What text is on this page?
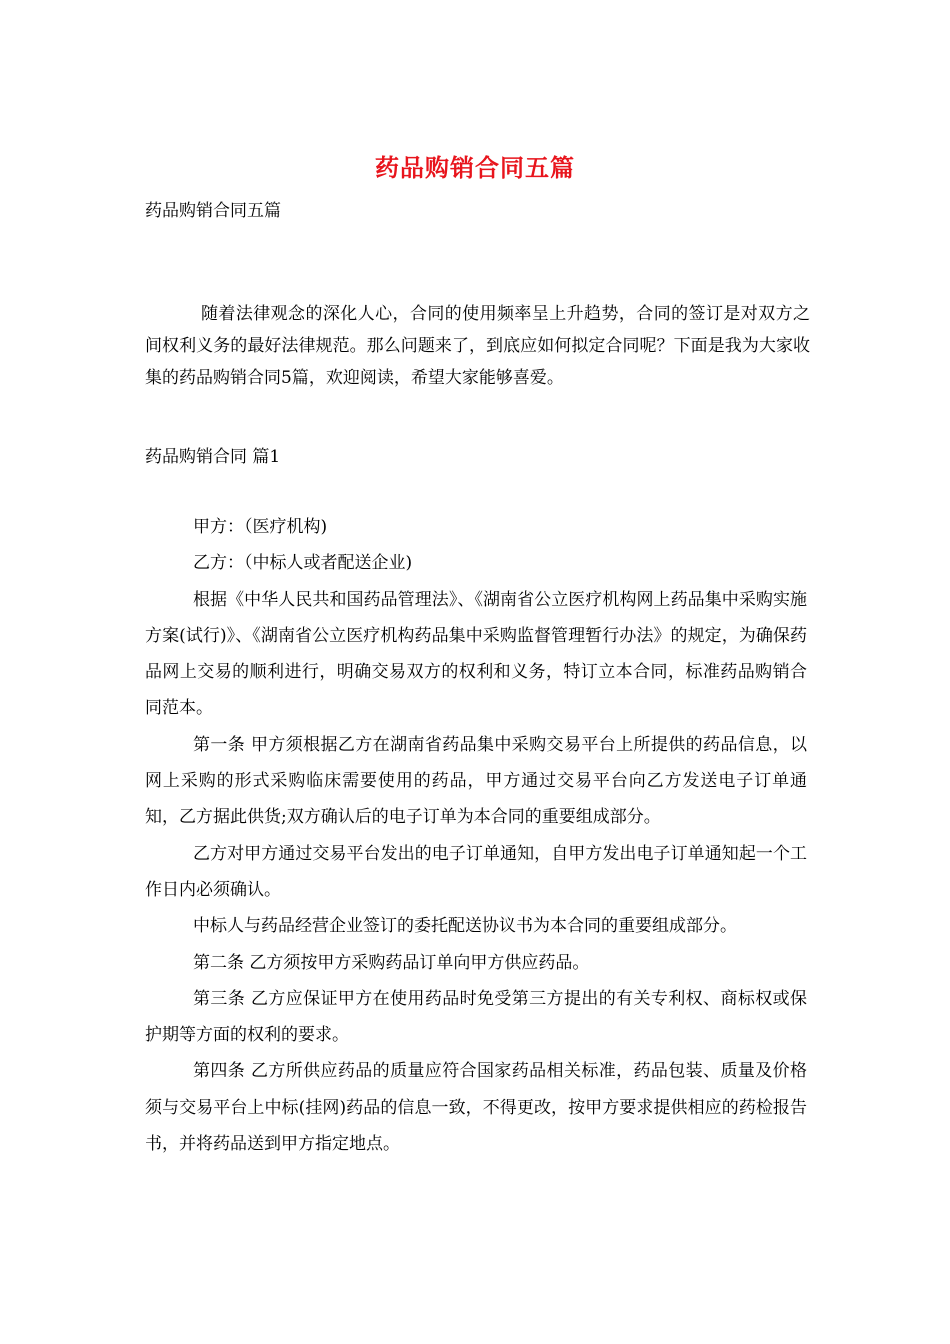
药品购销合同五篇
药品购销合同五篇
随着法律观念的深化人心，合同的使用频率呈上升趋势，合同的签订是对双方之间权利义务的最好法律规范。那么问题来了，到底应如何拟定合同呢？下面是我为大家收集的药品购销合同5篇，欢迎阅读，希望大家能够喜爱。
药品购销合同 篇1

甲方：（医疗机构)

乙方：（中标人或者配送企业)

根据《中华人民共和国药品管理法》、《湖南省公立医疗机构网上药品集中采购实施方案(试行)》、《湖南省公立医疗机构药品集中采购监督管理暂行办法》的规定，为确保药品网上交易的顺利进行，明确交易双方的权利和义务，特订立本合同，标准药品购销合同范本。

第一条 甲方须根据乙方在湖南省药品集中采购交易平台上所提供的药品信息，以网上采购的形式采购临床需要使用的药品，甲方通过交易平台向乙方发送电子订单通知，乙方据此供货;双方确认后的电子订单为本合同的重要组成部分。

乙方对甲方通过交易平台发出的电子订单通知，自甲方发出电子订单通知起一个工作日内必须确认。

中标人与药品经营企业签订的委托配送协议书为本合同的重要组成部分。

第二条 乙方须按甲方采购药品订单向甲方供应药品。

第三条 乙方应保证甲方在使用药品时免受第三方提出的有关专利权、商标权或保护期等方面的权利的要求。

第四条 乙方所供应药品的质量应符合国家药品相关标准，药品包装、质量及价格须与交易平台上中标(挂网)药品的信息一致，不得更改，按甲方要求提供相应的药检报告书，并将药品送到甲方指定地点。
